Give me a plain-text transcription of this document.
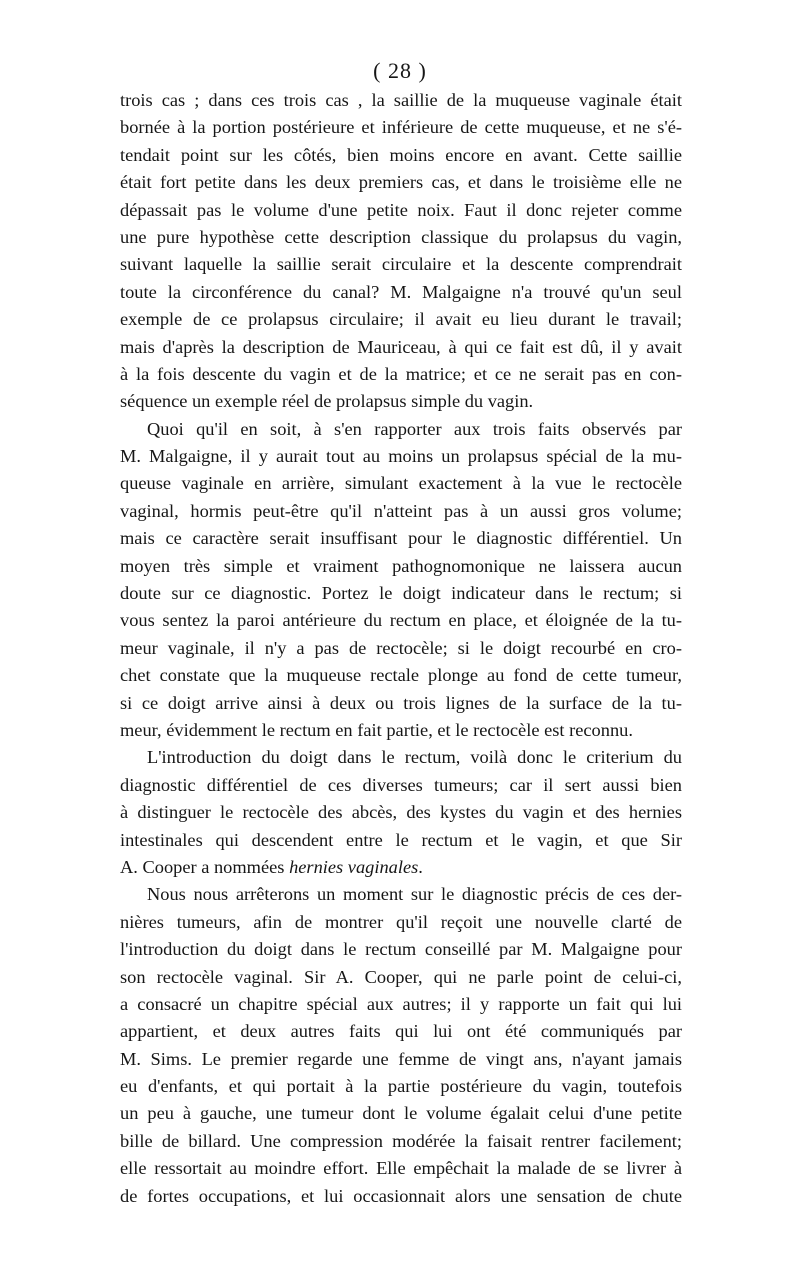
( 28 )
trois cas ; dans ces trois cas , la saillie de la muqueuse vaginale était
bornée à la portion postérieure et inférieure de cette muqueuse, et ne s'é-
tendait point sur les côtés, bien moins encore en avant. Cette saillie
était fort petite dans les deux premiers cas, et dans le troisième elle ne
dépassait pas le volume d'une petite noix. Faut il donc rejeter comme
une pure hypothèse cette description classique du prolapsus du vagin,
suivant laquelle la saillie serait circulaire et la descente comprendrait
toute la circonférence du canal? M. Malgaigne n'a trouvé qu'un seul
exemple de ce prolapsus circulaire; il avait eu lieu durant le travail;
mais d'après la description de Mauriceau, à qui ce fait est dû, il y avait
à la fois descente du vagin et de la matrice; et ce ne serait pas en con-
séquence un exemple réel de prolapsus simple du vagin.
Quoi qu'il en soit, à s'en rapporter aux trois faits observés par
M. Malgaigne, il y aurait tout au moins un prolapsus spécial de la mu-
queuse vaginale en arrière, simulant exactement à la vue le rectocèle
vaginal, hormis peut-être qu'il n'atteint pas à un aussi gros volume;
mais ce caractère serait insuffisant pour le diagnostic différentiel. Un
moyen très simple et vraiment pathognomonique ne laissera aucun
doute sur ce diagnostic. Portez le doigt indicateur dans le rectum; si
vous sentez la paroi antérieure du rectum en place, et éloignée de la tu-
meur vaginale, il n'y a pas de rectocèle; si le doigt recourbé en cro-
chet constate que la muqueuse rectale plonge au fond de cette tumeur,
si ce doigt arrive ainsi à deux ou trois lignes de la surface de la tu-
meur, évidemment le rectum en fait partie, et le rectocèle est reconnu.
L'introduction du doigt dans le rectum, voilà donc le criterium du
diagnostic différentiel de ces diverses tumeurs; car il sert aussi bien
à distinguer le rectocèle des abcès, des kystes du vagin et des hernies
intestinales qui descendent entre le rectum et le vagin, et que Sir
A. Cooper a nommées hernies vaginales.
Nous nous arrêterons un moment sur le diagnostic précis de ces der-
nières tumeurs, afin de montrer qu'il reçoit une nouvelle clarté de
l'introduction du doigt dans le rectum conseillé par M. Malgaigne pour
son rectocèle vaginal. Sir A. Cooper, qui ne parle point de celui-ci,
a consacré un chapitre spécial aux autres; il y rapporte un fait qui lui
appartient, et deux autres faits qui lui ont été communiqués par
M. Sims. Le premier regarde une femme de vingt ans, n'ayant jamais
eu d'enfants, et qui portait à la partie postérieure du vagin, toutefois
un peu à gauche, une tumeur dont le volume égalait celui d'une petite
bille de billard. Une compression modérée la faisait rentrer facilement;
elle ressortait au moindre effort. Elle empêchait la malade de se livrer à
de fortes occupations, et lui occasionnait alors une sensation de chute
